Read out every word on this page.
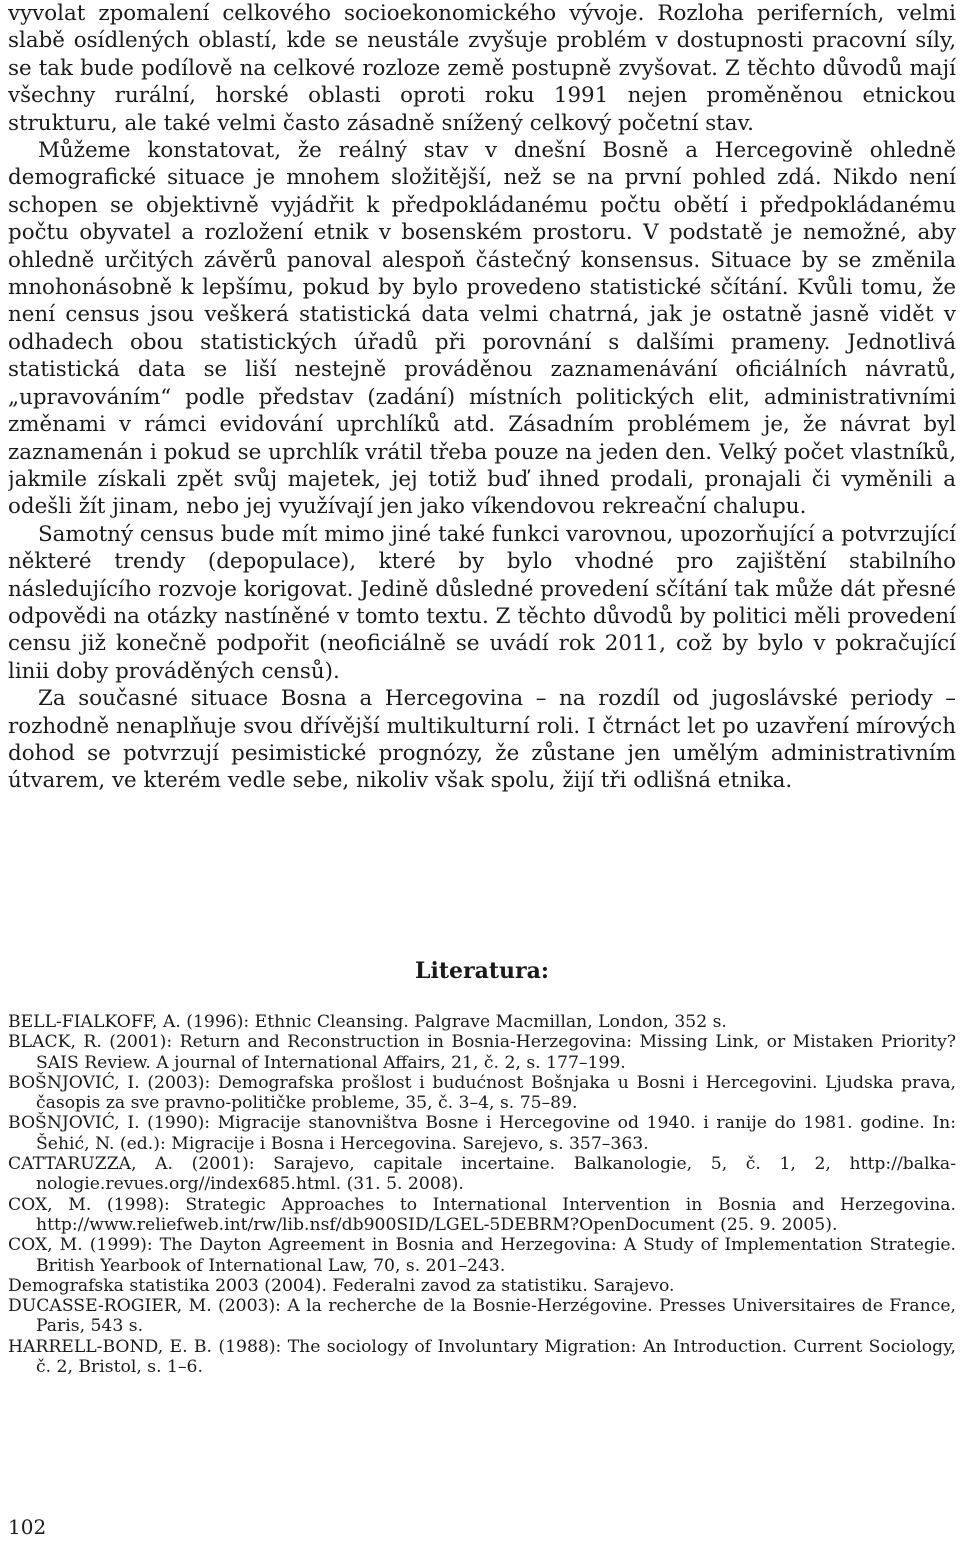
vyvolat zpomalení celkového socioekonomického vývoje. Rozloha periferních, velmi slabě osídlených oblastí, kde se neustále zvyšuje problém v dostupnosti pracovní síly, se tak bude podílově na celkové rozloze země postupně zvyšovat. Z těchto důvodů mají všechny rurální, horské oblasti oproti roku 1991 nejen proměněnou etnickou strukturu, ale také velmi často zásadně snížený celkový početní stav.

Můžeme konstatovat, že reálný stav v dnešní Bosně a Hercegovině ohledně demografické situace je mnohem složitější, než se na první pohled zdá. Nikdo není schopen se objektivně vyjádřit k předpokládanému počtu obětí i předpokládanému počtu obyvatel a rozložení etnik v bosenském prostoru. V podstatě je nemožné, aby ohledně určitých závěrů panoval alespoň částečný konsensus. Situace by se změnila mnohonásobně k lepšímu, pokud by bylo provedeno statistické sčítání. Kvůli tomu, že není census jsou veškerá statistická data velmi chatrná, jak je ostatně jasně vidět v odhadech obou statistických úřadů při porovnání s dalšími prameny. Jednotlivá statistická data se liší nestejně prováděnou zaznamenávání oficiálních návratů, „upravováním“ podle představ (zadání) místních politických elit, administrativními změnami v rámci evidování uprchlíků atd. Zásadním problémem je, že návrat byl zaznamenán i pokud se uprchlík vrátil třeba pouze na jeden den. Velký počet vlastníků, jakmile získali zpět svůj majetek, jej totiž buď ihned prodali, pronajali či vyměnili a odešli žít jinam, nebo jej využívají jen jako víkendovou rekreační chalupu.

Samotný census bude mít mimo jiné také funkci varovnou, upozorňující a potvrzující některé trendy (depopulace), které by bylo vhodné pro zajištění stabilního následujícího rozvoje korigovat. Jedině důsledné provedení sčítání tak může dát přesné odpovědi na otázky nastíněné v tomto textu. Z těchto důvodů by politici měli provedení censu již konečně podpořit (neoficiálně se uvádí rok 2011, což by bylo v pokračující linii doby prováděných censů).

Za současné situace Bosna a Hercegovina – na rozdíl od jugoslávské periody – rozhodně nenaplňuje svou dřívější multikulturní roli. I čtrnáct let po uzavření mírových dohod se potvrzují pesimistické prognózy, že zůstane jen umělým administrativním útvarem, ve kterém vedle sebe, nikoliv však spolu, žijí tři odlišná etnika.

Literatura:
BELL-FIALKOFF, A. (1996): Ethnic Cleansing. Palgrave Macmillan, London, 352 s.
BLACK, R. (2001): Return and Reconstruction in Bosnia-Herzegovina: Missing Link, or Mistaken Priority? SAIS Review. A journal of International Affairs, 21, č. 2, s. 177–199.
BOŠNJOVIĆ, I. (2003): Demografska prošlost i budućnost Bošnjaka u Bosni i Hercegovini. Ljudska prava, časopis za sve pravno-političke probleme, 35, č. 3–4, s. 75–89.
BOŠNJOVIĆ, I. (1990): Migracije stanovništva Bosne i Hercegovine od 1940. i ranije do 1981. godine. In: Šehić, N. (ed.): Migracije i Bosna i Hercegovina. Sarejevo, s. 357–363.
CATTARUZZA, A. (2001): Sarajevo, capitale incertaine. Balkanologie, 5, č. 1, 2, http://balkanologie.revues.org//index685.html. (31. 5. 2008).
COX, M. (1998): Strategic Approaches to International Intervention in Bosnia and Herzegovina. http://www.reliefweb.int/rw/lib.nsf/db900SID/LGEL-5DEBRM?OpenDocument (25. 9. 2005).
COX, M. (1999): The Dayton Agreement in Bosnia and Herzegovina: A Study of Implementation Strategie. British Yearbook of International Law, 70, s. 201–243.
Demografska statistika 2003 (2004). Federalni zavod za statistiku. Sarajevo.
DUCASSE-ROGIER, M. (2003): A la recherche de la Bosnie-Herzégovine. Presses Universitaires de France, Paris, 543 s.
HARRELL-BOND, E. B. (1988): The sociology of Involuntary Migration: An Introduction. Current Sociology, č. 2, Bristol, s. 1–6.
102
